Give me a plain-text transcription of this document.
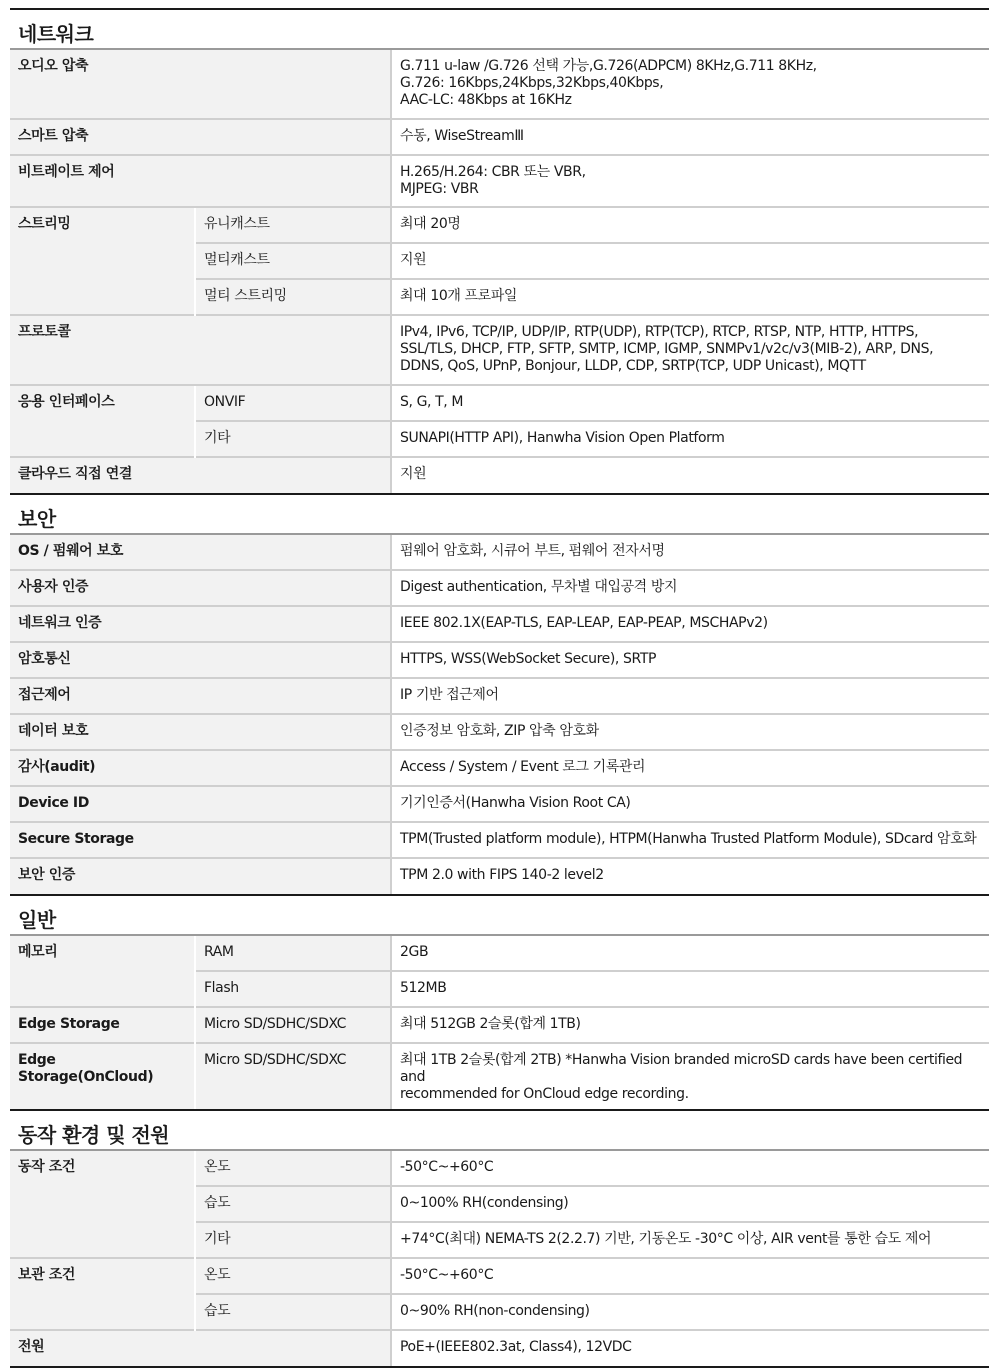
네트워크
오디오 압축		G.711 u-law /G.726 선택 가능,G.726(ADPCM) 8KHz,G.711 8KHz,
G.726: 16Kbps,24Kbps,32Kbps,40Kbps,
AAC-LC: 48Kbps at 16KHz

스마트 압축		수동, WiseStreamⅢ

비트레이트 제어		H.265/H.264: CBR 또는 VBR,
MJPEG: VBR

스트리밍	유니캐스트	최대 20명

	멀티캐스트	지원

	멀티 스트리밍	최대 10개 프로파일

프로토콜		IPv4, IPv6, TCP/IP, UDP/IP, RTP(UDP), RTP(TCP), RTCP, RTSP, NTP, HTTP, HTTPS,
SSL/TLS, DHCP, FTP, SFTP, SMTP, ICMP, IGMP, SNMPv1/v2c/v3(MIB-2), ARP, DNS,
DDNS, QoS, UPnP, Bonjour, LLDP, CDP, SRTP(TCP, UDP Unicast), MQTT

응용 인터페이스	ONVIF	S, G, T, M

	기타	SUNAPI(HTTP API), Hanwha Vision Open Platform

클라우드 직접 연결		지원
보안
OS / 펌웨어 보호	펌웨어 암호화, 시큐어 부트, 펌웨어 전자서명

사용자 인증	Digest authentication, 무차별 대입공격 방지

네트워크 인증	IEEE 802.1X(EAP-TLS, EAP-LEAP, EAP-PEAP, MSCHAPv2)

암호통신	HTTPS, WSS(WebSocket Secure), SRTP

접근제어	IP 기반 접근제어

데이터 보호	인증정보 암호화, ZIP 압축 암호화

감사(audit)	Access / System / Event 로그 기록관리

Device ID	기기인증서(Hanwha Vision Root CA)

Secure Storage	TPM(Trusted platform module), HTPM(Hanwha Trusted Platform Module), SDcard 암호화

보안 인증	TPM 2.0 with FIPS 140-2 level2
일반
메모리	RAM	2GB

	Flash	512MB

Edge Storage	Micro SD/SDHC/SDXC	최대 512GB 2슬롯(합계 1TB)

Edge Storage(OnCloud)	Micro SD/SDHC/SDXC	최대 1TB 2슬롯(합계 2TB) *Hanwha Vision branded microSD cards have been certified and
recommended for OnCloud edge recording.
동작 환경 및 전원
동작 조건	온도	-50°C~+60°C

	습도	0~100% RH(condensing)

	기타	+74°C(최대) NEMA-TS 2(2.2.7) 기반, 기동온도 -30°C 이상, AIR vent를 통한 습도 제어

보관 조건	온도	-50°C~+60°C

	습도	0~90% RH(non-condensing)

전원		PoE+(IEEE802.3at, Class4), 12VDC
